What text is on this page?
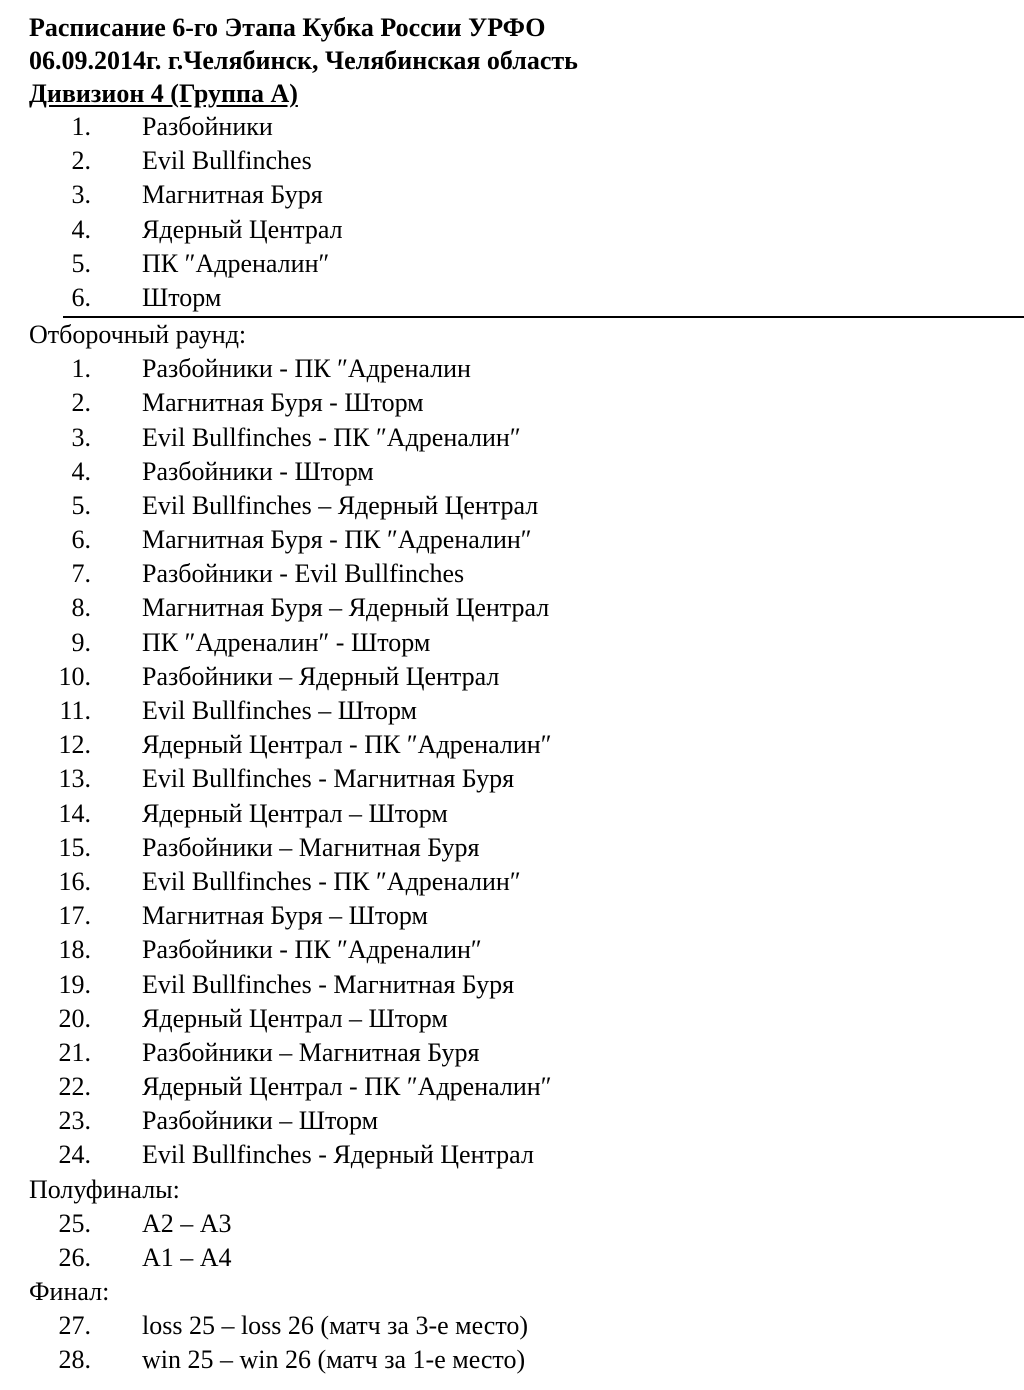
Расписание 6-го Этапа Кубка России УРФО
06.09.2014г. г.Челябинск, Челябинская область
Дивизион 4 (Группа А)
1. Разбойники
2. Evil Bullfinches
3. Магнитная Буря
4. Ядерный Централ
5. ПК ″Адреналин″
6. Шторм
Отборочный раунд:
1. Разбойники - ПК ″Адреналин
2. Магнитная Буря - Шторм
3. Evil Bullfinches - ПК ″Адреналин″
4. Разбойники - Шторм
5. Evil Bullfinches – Ядерный Централ
6. Магнитная Буря - ПК ″Адреналин″
7. Разбойники - Evil Bullfinches
8. Магнитная Буря – Ядерный Централ
9. ПК ″Адреналин″ - Шторм
10. Разбойники – Ядерный Централ
11. Evil Bullfinches – Шторм
12. Ядерный Централ - ПК ″Адреналин″
13. Evil Bullfinches - Магнитная Буря
14. Ядерный Централ – Шторм
15. Разбойники – Магнитная Буря
16. Evil Bullfinches - ПК ″Адреналин″
17. Магнитная Буря – Шторм
18. Разбойники - ПК ″Адреналин″
19. Evil Bullfinches - Магнитная Буря
20. Ядерный Централ – Шторм
21. Разбойники – Магнитная Буря
22. Ядерный Централ - ПК ″Адреналин″
23. Разбойники – Шторм
24. Evil Bullfinches - Ядерный Централ
Полуфиналы:
25. А2 – А3
26. А1 – А4
Финал:
27. loss 25 – loss 26 (матч за 3-е место)
28. win 25 – win 26 (матч за 1-е место)
